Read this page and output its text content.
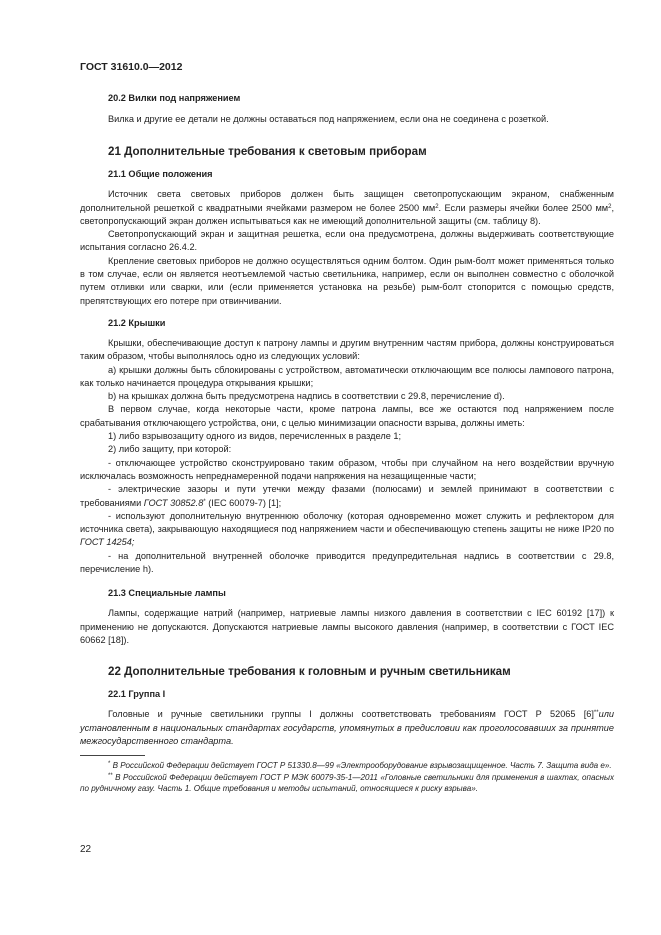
ГОСТ 31610.0—2012
20.2 Вилки под напряжением

Вилка и другие ее детали не должны оставаться под напряжением, если она не соединена с розеткой.

21 Дополнительные требования к световым приборам
21.1 Общие положения

Источник света световых приборов должен быть защищен светопропускающим экраном, снабженным дополнительной решеткой с квадратными ячейками размером не более 2500 $мм^2$. Если размеры ячейки более 2500 $мм^2$, светопропускающий экран должен испытываться как не имеющий дополнительной защиты (см. таблицу 8).

Светопропускающий экран и защитная решетка, если она предусмотрена, должны выдерживать соответствующие испытания согласно 26.4.2.

Крепление световых приборов не должно осуществляться одним болтом. Один рым-болт может применяться только в том случае, если он является неотъемлемой частью светильника, например, если он выполнен совместно с оболочкой путем отливки или сварки, или (если применяется установка на резьбе) рым-болт стопорится с помощью средств, препятствующих его потере при отвинчивании.

21.2 Крышки

Крышки, обеспечивающие доступ к патрону лампы и другим внутренним частям прибора, должны конструироваться таким образом, чтобы выполнялось одно из следующих условий:

a) крышки должны быть сблокированы с устройством, автоматически отключающим все полюсы лампового патрона, как только начинается процедура открывания крышки;

b) на крышках должна быть предусмотрена надпись в соответствии с 29.8, перечисление d).

В первом случае, когда некоторые части, кроме патрона лампы, все же остаются под напряжением после срабатывания отключающего устройства, они, с целью минимизации опасности взрыва, должны иметь:

1) либо взрывозащиту одного из видов, перечисленных в разделе 1;

2) либо защиту, при которой:

- отключающее устройство сконструировано таким образом, чтобы при случайном на него воздействии вручную исключалась возможность непреднамеренной подачи напряжения на незащищенные части;

- электрические зазоры и пути утечки между фазами (полюсами) и землей принимают в соответствии с требованиями ГОСТ 30852.8* (IEC 60079-7) [1];

- используют дополнительную внутреннюю оболочку (которая одновременно может служить и рефлектором для источника света), закрывающую находящиеся под напряжением части и обеспечивающую степень защиты не ниже IP20 по ГОСТ 14254;

- на дополнительной внутренней оболочке приводится предупредительная надпись в соответствии с 29.8, перечисление h).

21.3 Специальные лампы

Лампы, содержащие натрий (например, натриевые лампы низкого давления в соответствии с IEC 60192 [17]) к применению не допускаются. Допускаются натриевые лампы высокого давления (например, в соответствии с ГОСТ IEC 60662 [18]).

22 Дополнительные требования к головным и ручным светильникам
22.1 Группа I

Головные и ручные светильники группы I должны соответствовать требованиям ГОСТ Р 52065 [6]**или установленным в национальных стандартах государств, упомянутых в предисловии как проголосовавших за принятие межгосударственного стандарта.

* В Российской Федерации действует ГОСТ Р 51330.8—99 «Электрооборудование взрывозащищенное. Часть 7. Защита вида е».

** В Российской Федерации действует ГОСТ Р МЭК 60079-35-1—2011 «Головные светильники для применения в шахтах, опасных по рудничному газу. Часть 1. Общие требования и методы испытаний, относящиеся к риску взрыва».

22
